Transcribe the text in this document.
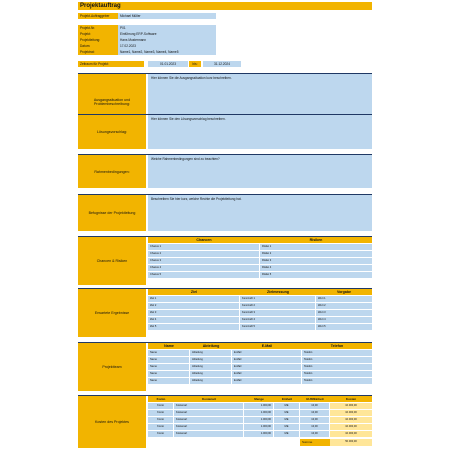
Projektauftrag
Projekt-Auftraggeber	Michael Müller
Projekt-Nr.	P01
Projekt:	Einführung ERP-Software
Projektleitung:	Hans Mustermann
Datum:	17.02.2023
Projektrat:	Name1, Name2, Name3, Name4, Name5
Zeitraum für Projekt:	01.01.2023	bis:	31.12.2024
Ausgangssituation und Problembeschreibung:
Hier können Sie die Ausgangssituation kurz beschreiben.
Lösungsvorschlag:
Hier können Sie den Lösungsvorschlag beschreiben.
Rahmenbedingungen:
Welche Rahmenbedingungen sind zu beachten?
Befugnisse der Projektleitung
Beschreiben Sie hier kurz, welche Rechte die Projektleitung hat.
Chancen & Risiken
Chancen	Risiken
Chance 1	Risiko 1
Chance 2	Risiko 2
Chance 3	Risiko 3
Chance 4	Risiko 4
Chance 5	Risiko 5
Erwartete Ergebnisse
Ziel	Zielmessung	Vorgabe
Ziel 1	Kennzahl 1	Wert 1
Ziel 2	Kennzahl 2	Wert 2
Ziel 3	Kennzahl 3	Wert 3
Ziel 4	Kennzahl 4	Wert 4
Ziel 5	Kennzahl 5	Wert 5
Projektteam
Name	Abteilung	E-Mail	Telefon
Name	Abteilung	E-Mail	Telefon
Name	Abteilung	E-Mail	Telefon
Name	Abteilung	E-Mail	Telefon
Name	Abteilung	E-Mail	Telefon
Name	Abteilung	E-Mail	Telefon
Kosten des Projektes
Konto	Kostenart	Menge	Einheit	EUR/Einheit	Kosten
Konto	Kostenart	1.000,00	ME	10,00	10.000,00
Konto	Kostenart	1.000,00	ME	10,00	10.000,00
Konto	Kostenart	1.000,00	ME	10,00	10.000,00
Konto	Kostenart	1.000,00	ME	10,00	10.000,00
Konto	Kostenart	1.000,00	ME	10,00	10.000,00
Summe	50.000,00
